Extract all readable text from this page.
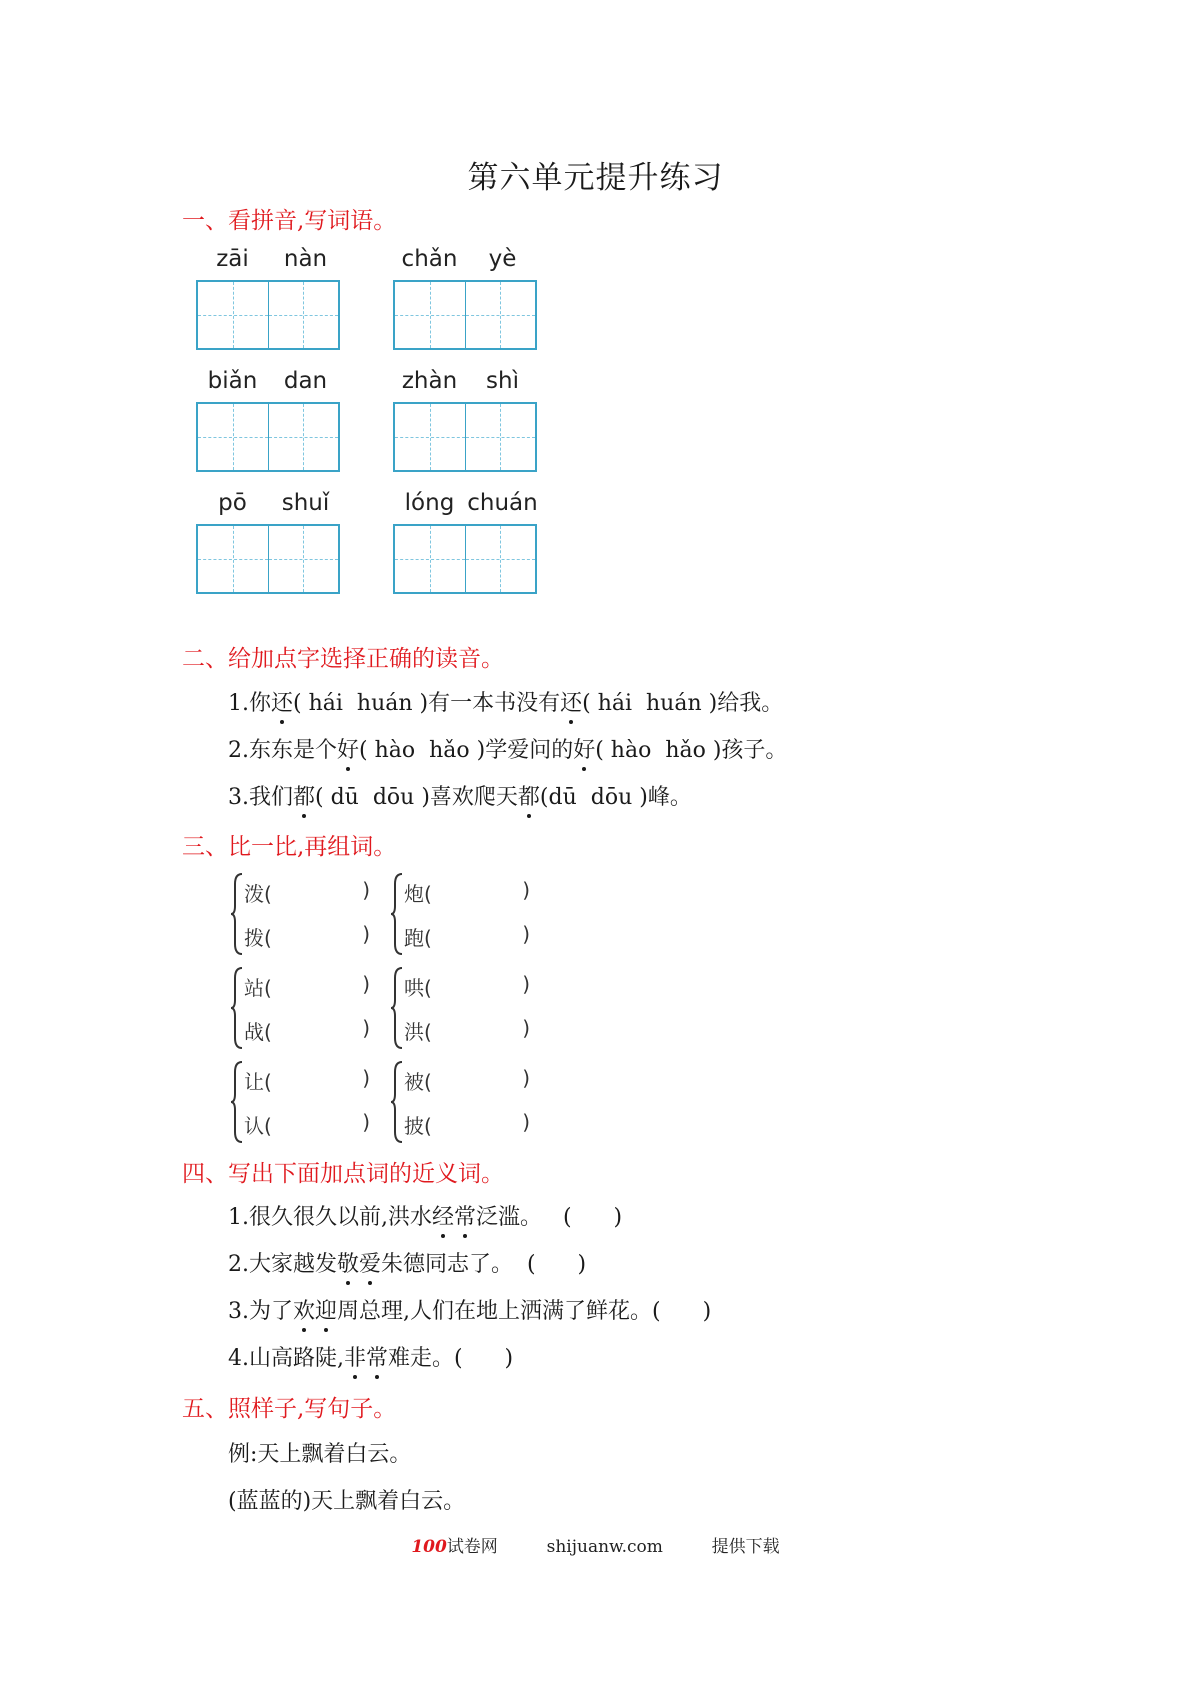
第六单元提升练习
一、看拼音,写词语。
zāi	nàn	chǎn	yè
biǎn	dan	zhàn	shì
pō	shuǐ	lóng chuán
二、给加点字选择正确的读音。
1.你还( hái  huán )有一本书没有还( hái  huán )给我。
2.东东是个好( hào  hǎo )学爱问的好( hào  hǎo )孩子。
3.我们都( dū  dōu )喜欢爬天都(dū  dōu )峰。
三、比一比,再组词。
泼(	)
拨(	)
炮(	)
跑(	)
站(	)
战(	)
哄(	)
洪(	)
让(	)
认(	)
被(	)
披(	)
四、写出下面加点词的近义词。
1.很久很久以前,洪水经常泛滥。   (      )
2.大家越发敬爱朱德同志了。  (      )
3.为了欢迎周总理,人们在地上洒满了鲜花。(      )
4.山高路陡,非常难走。(      )
五、照样子,写句子。
例:天上飘着白云。
(蓝蓝的)天上飘着白云。
100试卷网	shijuanw.com	提供下载
